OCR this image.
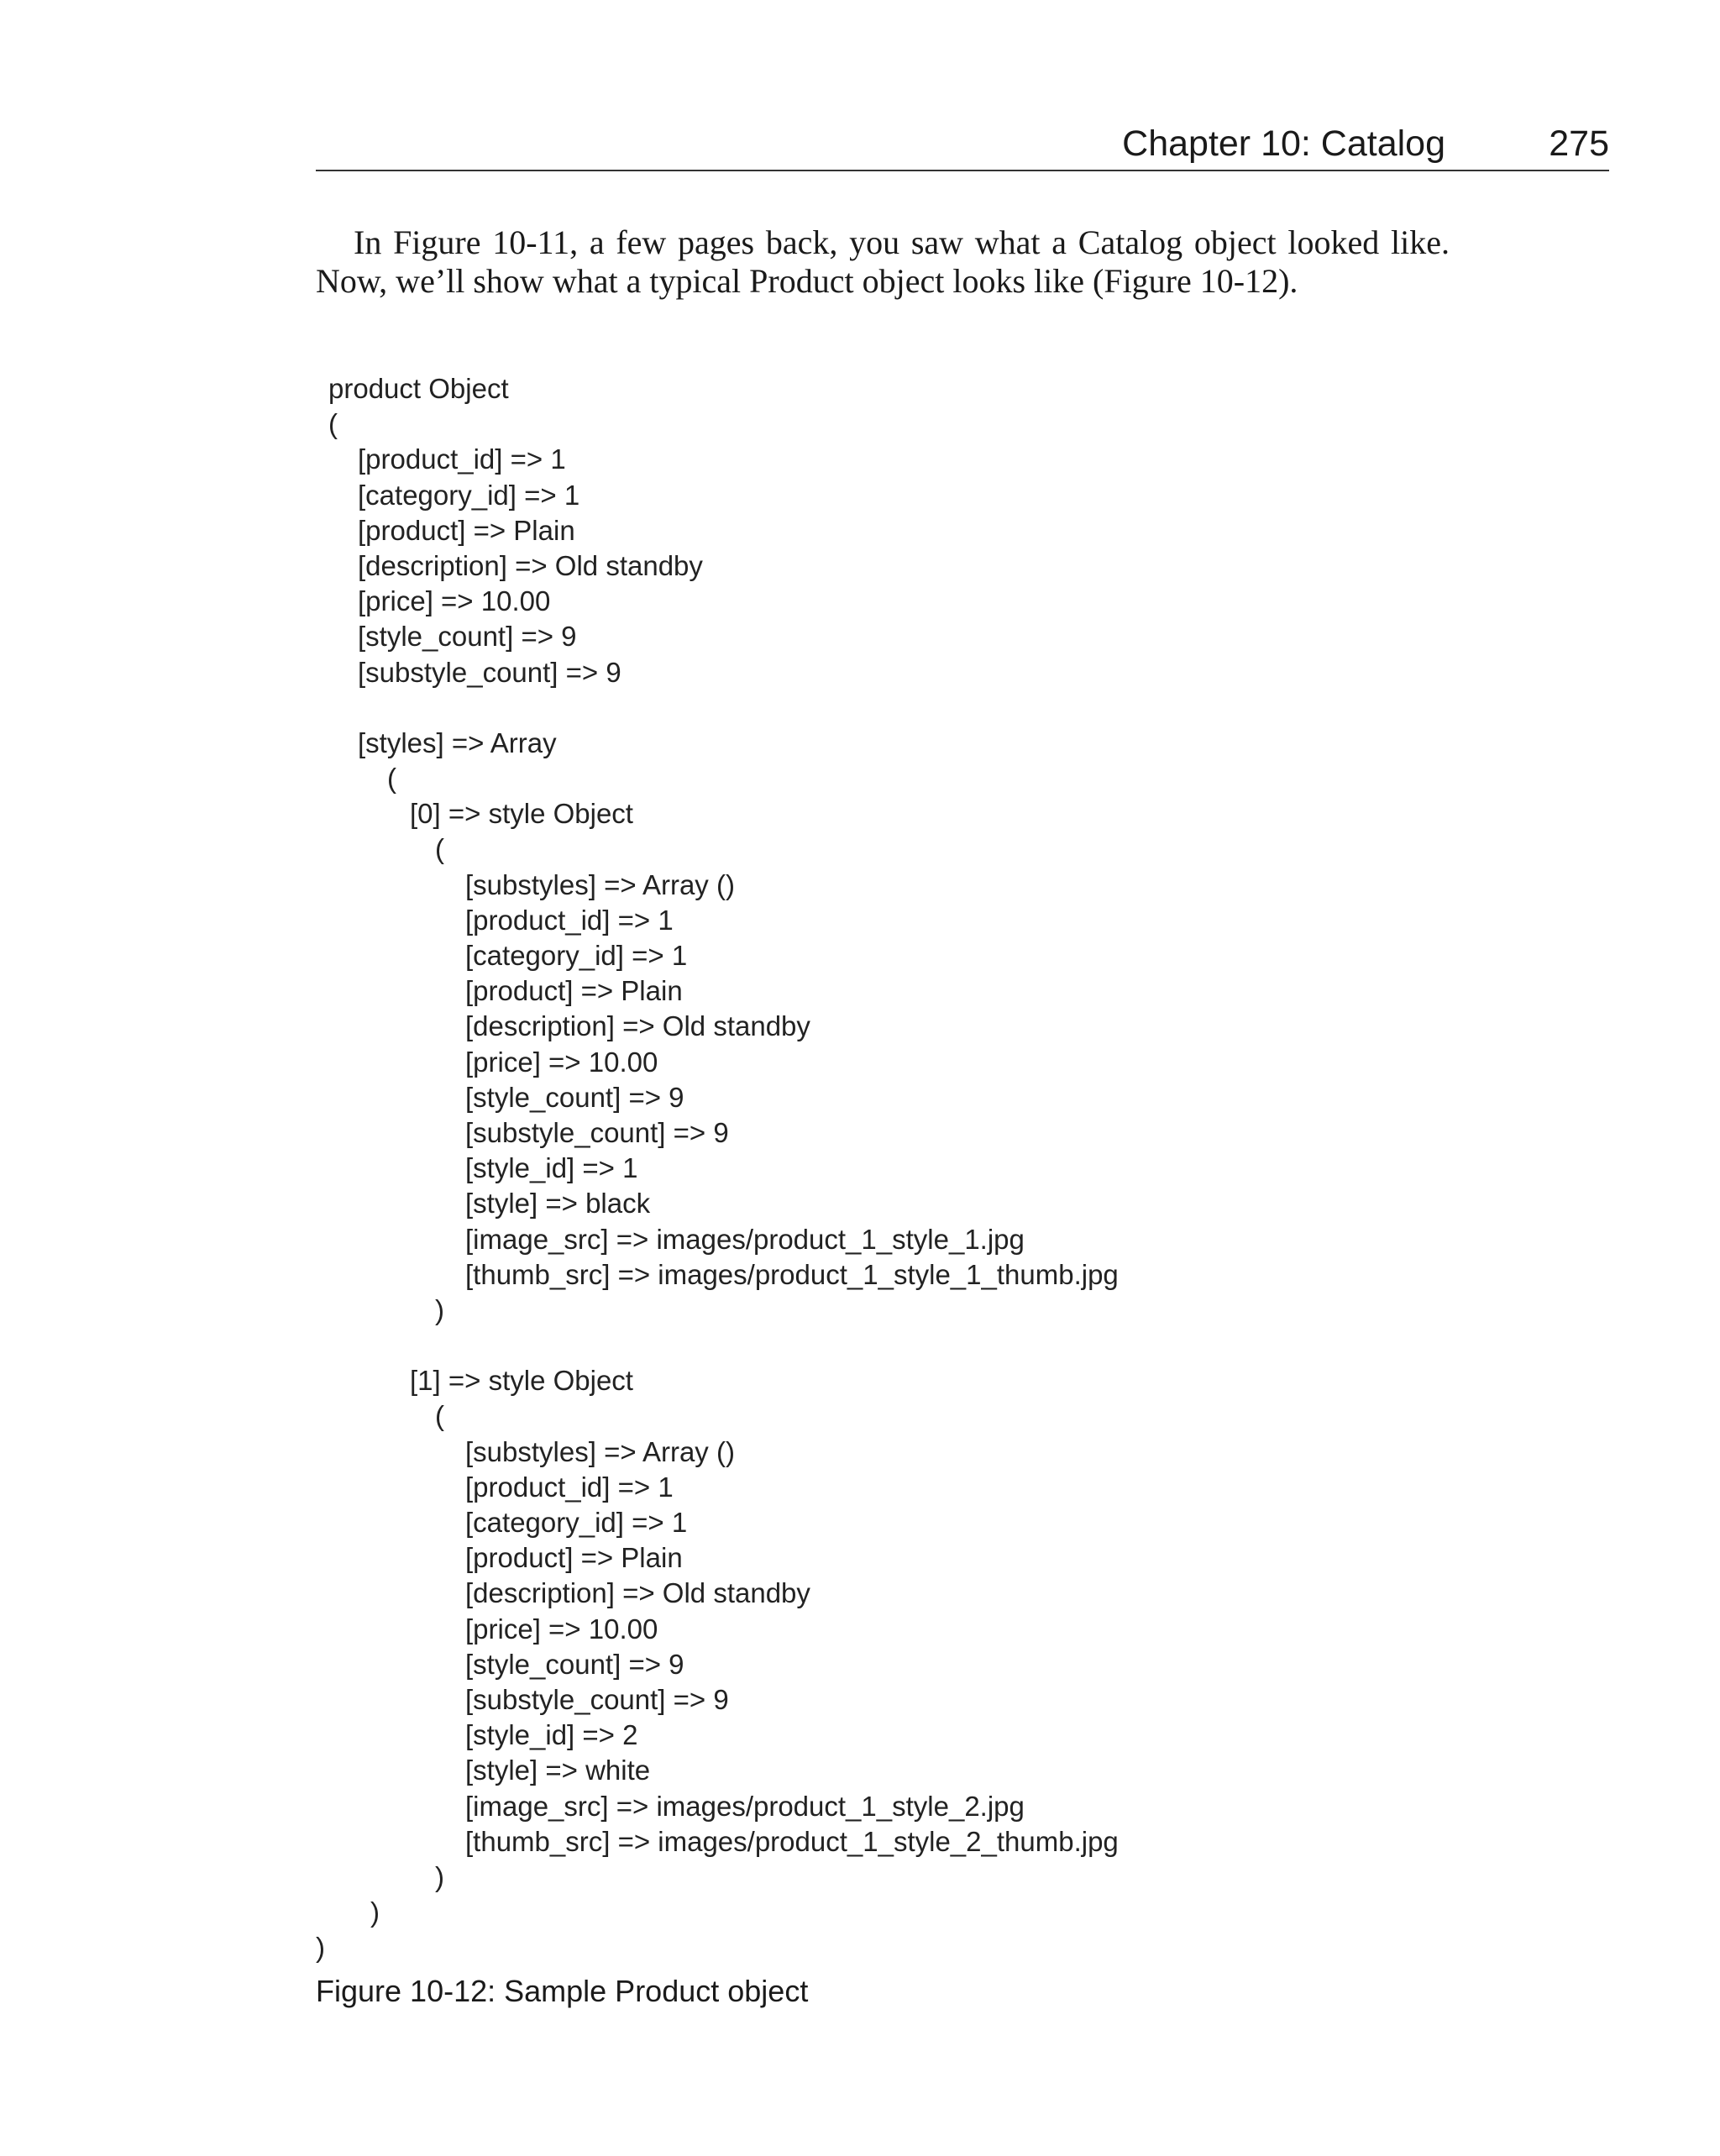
Chapter 10: Catalog	275

In Figure 10-11, a few pages back, you saw what a Catalog object looked like.
Now, we’ll show what a typical Product object looks like (Figure 10-12).

product Object
(
[product_id] => 1
[category_id] => 1
[product] => Plain
[description] => Old standby
[price] => 10.00
[style_count] => 9
[substyle_count] => 9
[styles] => Array
(
[0] => style Object
(
[substyles] => Array ()
[product_id] => 1
[category_id] => 1
[product] => Plain
[description] => Old standby
[price] => 10.00
[style_count] => 9
[substyle_count] => 9
[style_id] => 1
[style] => black
[image_src] => images/product_1_style_1.jpg
[thumb_src] => images/product_1_style_1_thumb.jpg
)
[1] => style Object
(
[substyles] => Array ()
[product_id] => 1
[category_id] => 1
[product] => Plain
[description] => Old standby
[price] => 10.00
[style_count] => 9
[substyle_count] => 9
[style_id] => 2
[style] => white
[image_src] => images/product_1_style_2.jpg
[thumb_src] => images/product_1_style_2_thumb.jpg
)
)
)

Figure 10-12: Sample Product object
